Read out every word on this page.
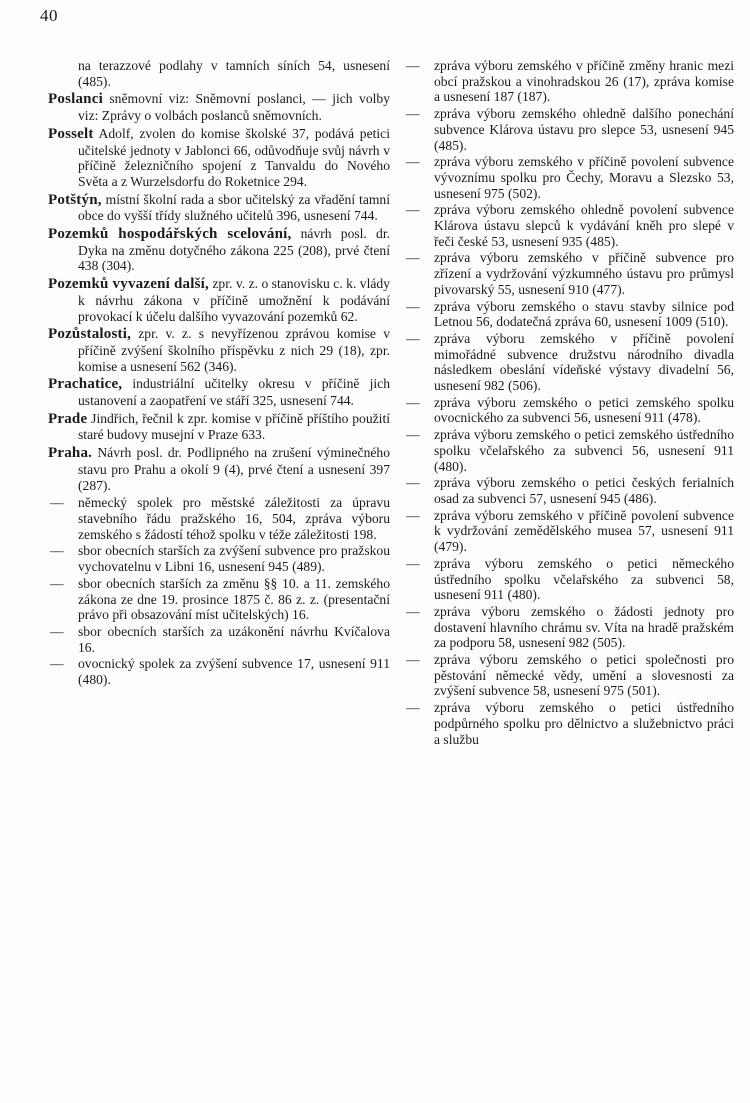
40
na terazzové podlahy v tamních síních 54, usnesení (485).
Poslanci sněmovní viz: Sněmovní poslanci, — jich volby viz: Zprávy o volbách poslanců sněmovních.
Posselt Adolf, zvolen do komise školské 37, podává petici učitelské jednoty v Jablonci 66, odůvodňuje svůj návrh v příčině železničního spojení z Tanvaldu do Nového Světa a z Wurzelsdorfu do Roketnice 294.
Potštýn, místní školní rada a sbor učitelský za vřadění tamní obce do vyšší třídy služného učitelů 396, usnesení 744.
Pozemků hospodářských scelování, návrh posl. dr. Dyka na změnu dotyčného zákona 225 (208), prvé čtení 438 (304).
Pozemků vyvazení další, zpr. v. z. o stanovisku c. k. vlády k návrhu zákona v příčině umožnění k podávání provokací k účelu dalšího vyvazování pozemků 62.
Pozůstalosti, zpr. v. z. s nevyřízenou zprávou komise v příčině zvýšení školního příspěvku z nich 29 (18), zpr. komise a usnesení 562 (346).
Prachatice, industriální učitelky okresu v příčině jich ustanovení a zaopatření ve stáří 325, usnesení 744.
Prade Jindřich, řečnil k zpr. komise v příčině příštího použití staré budovy musejní v Praze 633.
Praha. Návrh posl. dr. Podlipného na zrušení výminečného stavu pro Prahu a okolí 9 (4), prvé čtení a usnesení 397 (287).
— německý spolek pro městské záležitosti za úpravu stavebního řádu pražského 16, 504, zpráva výboru zemského s žádostí téhož spolku v téže záležitosti 198.
— sbor obecních starších za zvýšení subvence pro pražskou vychovatelnu v Libni 16, usnesení 945 (489).
— sbor obecních starších za změnu §§ 10. a 11. zemského zákona ze dne 19. prosince 1875 č. 86 z. z. (presentační právo při obsazování míst učitelských) 16.
— sbor obecních starších za uzákonění návrhu Kvíčalova 16.
— ovocnický spolek za zvýšení subvence 17, usnesení 911 (480).
— zpráva výboru zemského v příčině změny hranic mezi obcí pražskou a vinohradskou 26 (17), zpráva komise a usnesení 187 (187).
— zpráva výboru zemského ohledně dalšího ponechání subvence Klárova ústavu pro slepce 53, usnesení 945 (485).
— zpráva výboru zemského v příčině povolení subvence vývoznímu spolku pro Čechy, Moravu a Slezsko 53, usnesení 975 (502).
— zpráva výboru zemského ohledně povolení subvence Klárova ústavu slepců k vydávání kněh pro slepé v řeči české 53, usnesení 935 (485).
— zpráva výboru zemského v příčině subvence pro zřízení a vydržování výzkumného ústavu pro průmysl pivovarský 55, usnesení 910 (477).
— zpráva výboru zemského o stavu stavby silnice pod Letnou 56, dodatečná zpráva 60, usnesení 1009 (510).
— zpráva výboru zemského v příčině povolení mimořádné subvence družstvu národního divadla následkem obeslání vídeňské výstavy divadelní 56, usnesení 982 (506).
— zpráva výboru zemského o petici zemského spolku ovocnického za subvenci 56, usnesení 911 (478).
— zpráva výboru zemského o petici zemského ústředního spolku včelařského za subvenci 56, usnesení 911 (480).
— zpráva výboru zemského o petici českých ferialních osad za subvenci 57, usnesení 945 (486).
— zpráva výboru zemského v příčině povolení subvence k vydržování zemědělského musea 57, usnesení 911 (479).
— zpráva výboru zemského o petici německého ústředního spolku včelařského za subvenci 58, usnesení 911 (480).
— zpráva výboru zemského o žádosti jednoty pro dostavení hlavního chrámu sv. Víta na hradě pražském za podporu 58, usnesení 982 (505).
— zpráva výboru zemského o petici společnosti pro pěstování německé vědy, umění a slovesnosti za zvýšení subvence 58, usnesení 975 (501).
— zpráva výboru zemského o petici ústředního podpůrného spolku pro dělnictvo a služebnictvo práci a službu
